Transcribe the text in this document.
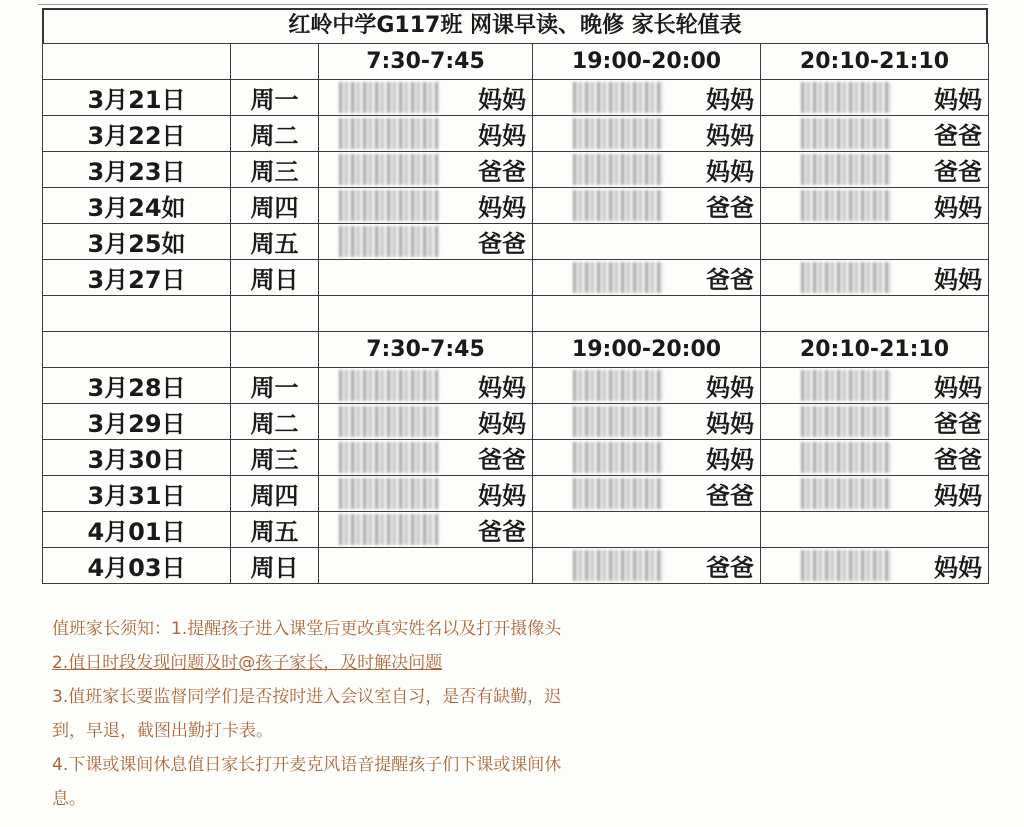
红岭中学G117班 网课早读、晚修 家长轮值表
		7:30-7:45	19:00-20:00	20:10-21:10
3月21日	周一	妈妈	妈妈	妈妈

3月22日	周二	妈妈	妈妈	爸爸

3月23日	周三	爸爸	妈妈	爸爸

3月24如	周四	妈妈	爸爸	妈妈

3月25如	周五	爸爸		

3月27日	周日		爸爸	妈妈

		7:30-7:45	19:00-20:00	20:10-21:10
3月28日	周一	妈妈	妈妈	妈妈

3月29日	周二	妈妈	妈妈	爸爸

3月30日	周三	爸爸	妈妈	爸爸

3月31日	周四	妈妈	爸爸	妈妈

4月01日	周五	爸爸		

4月03日	周日		爸爸	妈妈

值班家长须知：1.提醒孩子进入课堂后更改真实姓名以及打开摄像头

2.值日时段发现问题及时@孩子家长，及时解决问题

3.值班家长要监督同学们是否按时进入会议室自习，是否有缺勤，迟

到，早退，截图出勤打卡表。

4.下课或课间休息值日家长打开麦克风语音提醒孩子们下课或课间休

息。
